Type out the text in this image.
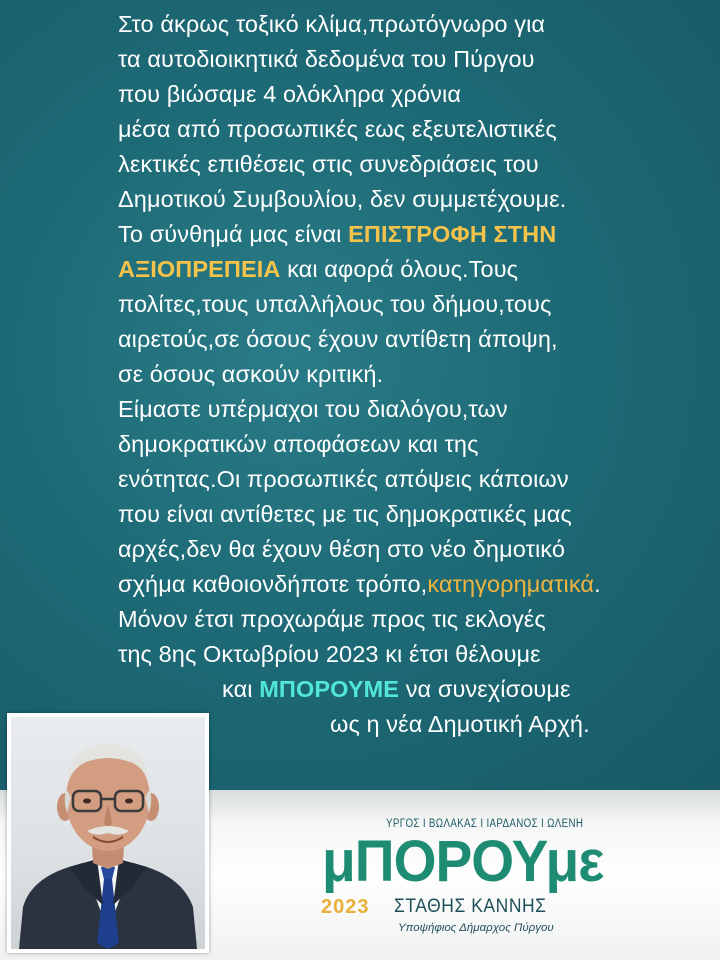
Στο άκρως τοξικό κλίμα,πρωτόγνωρο για
τα αυτοδιοικητικά δεδομένα του Πύργου
που βιώσαμε 4 ολόκληρα χρόνια
μέσα από προσωπικές εως εξευτελιστικές
λεκτικές επιθέσεις στις συνεδριάσεις του
Δημοτικού Συμβουλίου, δεν συμμετέχουμε.
Το σύνθημά μας είναι ΕΠΙΣΤΡΟΦΗ ΣΤΗΝ
ΑΞΙΟΠΡΕΠΕΙΑ και αφορά όλους.Τους
πολίτες,τους υπαλλήλους του δήμου,τους
αιρετούς,σε όσους έχουν αντίθετη άποψη,
σε όσους ασκούν κριτική.
Είμαστε υπέρμαχοι του διαλόγου,των
δημοκρατικών αποφάσεων και της
ενότητας.Οι προσωπικές απόψεις κάποιων
που είναι αντίθετες με τις δημοκρατικές μας
αρχές,δεν θα έχουν θέση στο νέο δημοτικό
σχήμα καθοιονδήποτε τρόπο,κατηγορηματικά.
Μόνον έτσι προχωράμε προς τις εκλογές
της 8ης Οκτωβρίου 2023 κι έτσι θέλουμε
και ΜΠΟΡΟΥΜΕ να συνεχίσουμε
ως η νέα Δημοτική Αρχή.
ΥΡΓΟΣ Ι ΒΩΛΑΚΑΣ Ι ΙΑΡΔΑΝΟΣ Ι ΩΛΕΝΗ
μΠΟΡΟΥμε
2023 ΣΤΑΘΗΣ ΚΑΝΝΗΣ
Υποψήφιος Δήμαρχος Πύργου
